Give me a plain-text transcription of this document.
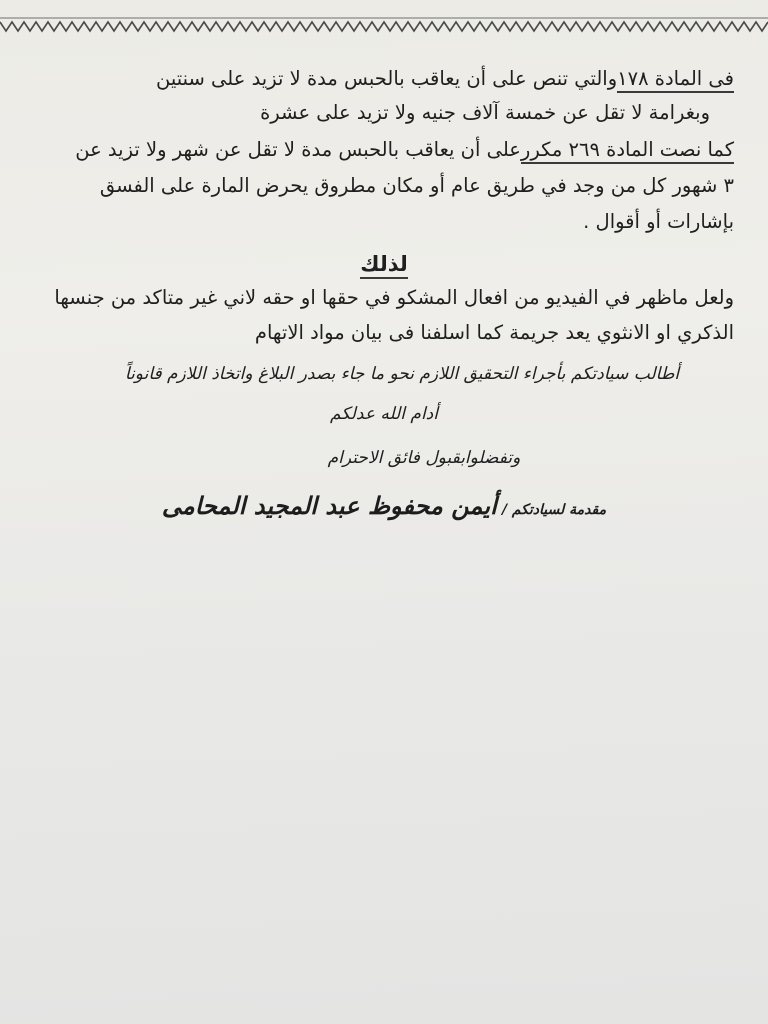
فى المادة ١٧٨والتي تنص على أن يعاقب بالحبس مدة لا تزيد على سنتين
وبغرامة لا تقل عن خمسة آلاف جنيه ولا تزيد على عشرة
كما نصت المادة ٢٦٩ مكررعلى أن يعاقب بالحبس مدة لا تقل عن شهر ولا تزيد عن
٣ شهور كل من وجد في طريق عام أو مكان مطروق يحرض المارة على الفسق
بإشارات أو أقوال .
لذلك
ولعل ماظهر في الفيديو من افعال المشكو في حقها او حقه لاني غير متاكد من جنسها
الذكري او الانثوي يعد جريمة كما اسلفنا فى بيان مواد الاتهام
أطالب سيادتكم بأجراء التحقيق اللازم نحو ما جاء بصدر البلاغ واتخاذ اللازم قانوناً
أدام الله عدلكم
وتفضلوابقبول فائق الاحترام
مقدمة لسيادتكم / أيمن محفوظ عبد المجيد المحامى
